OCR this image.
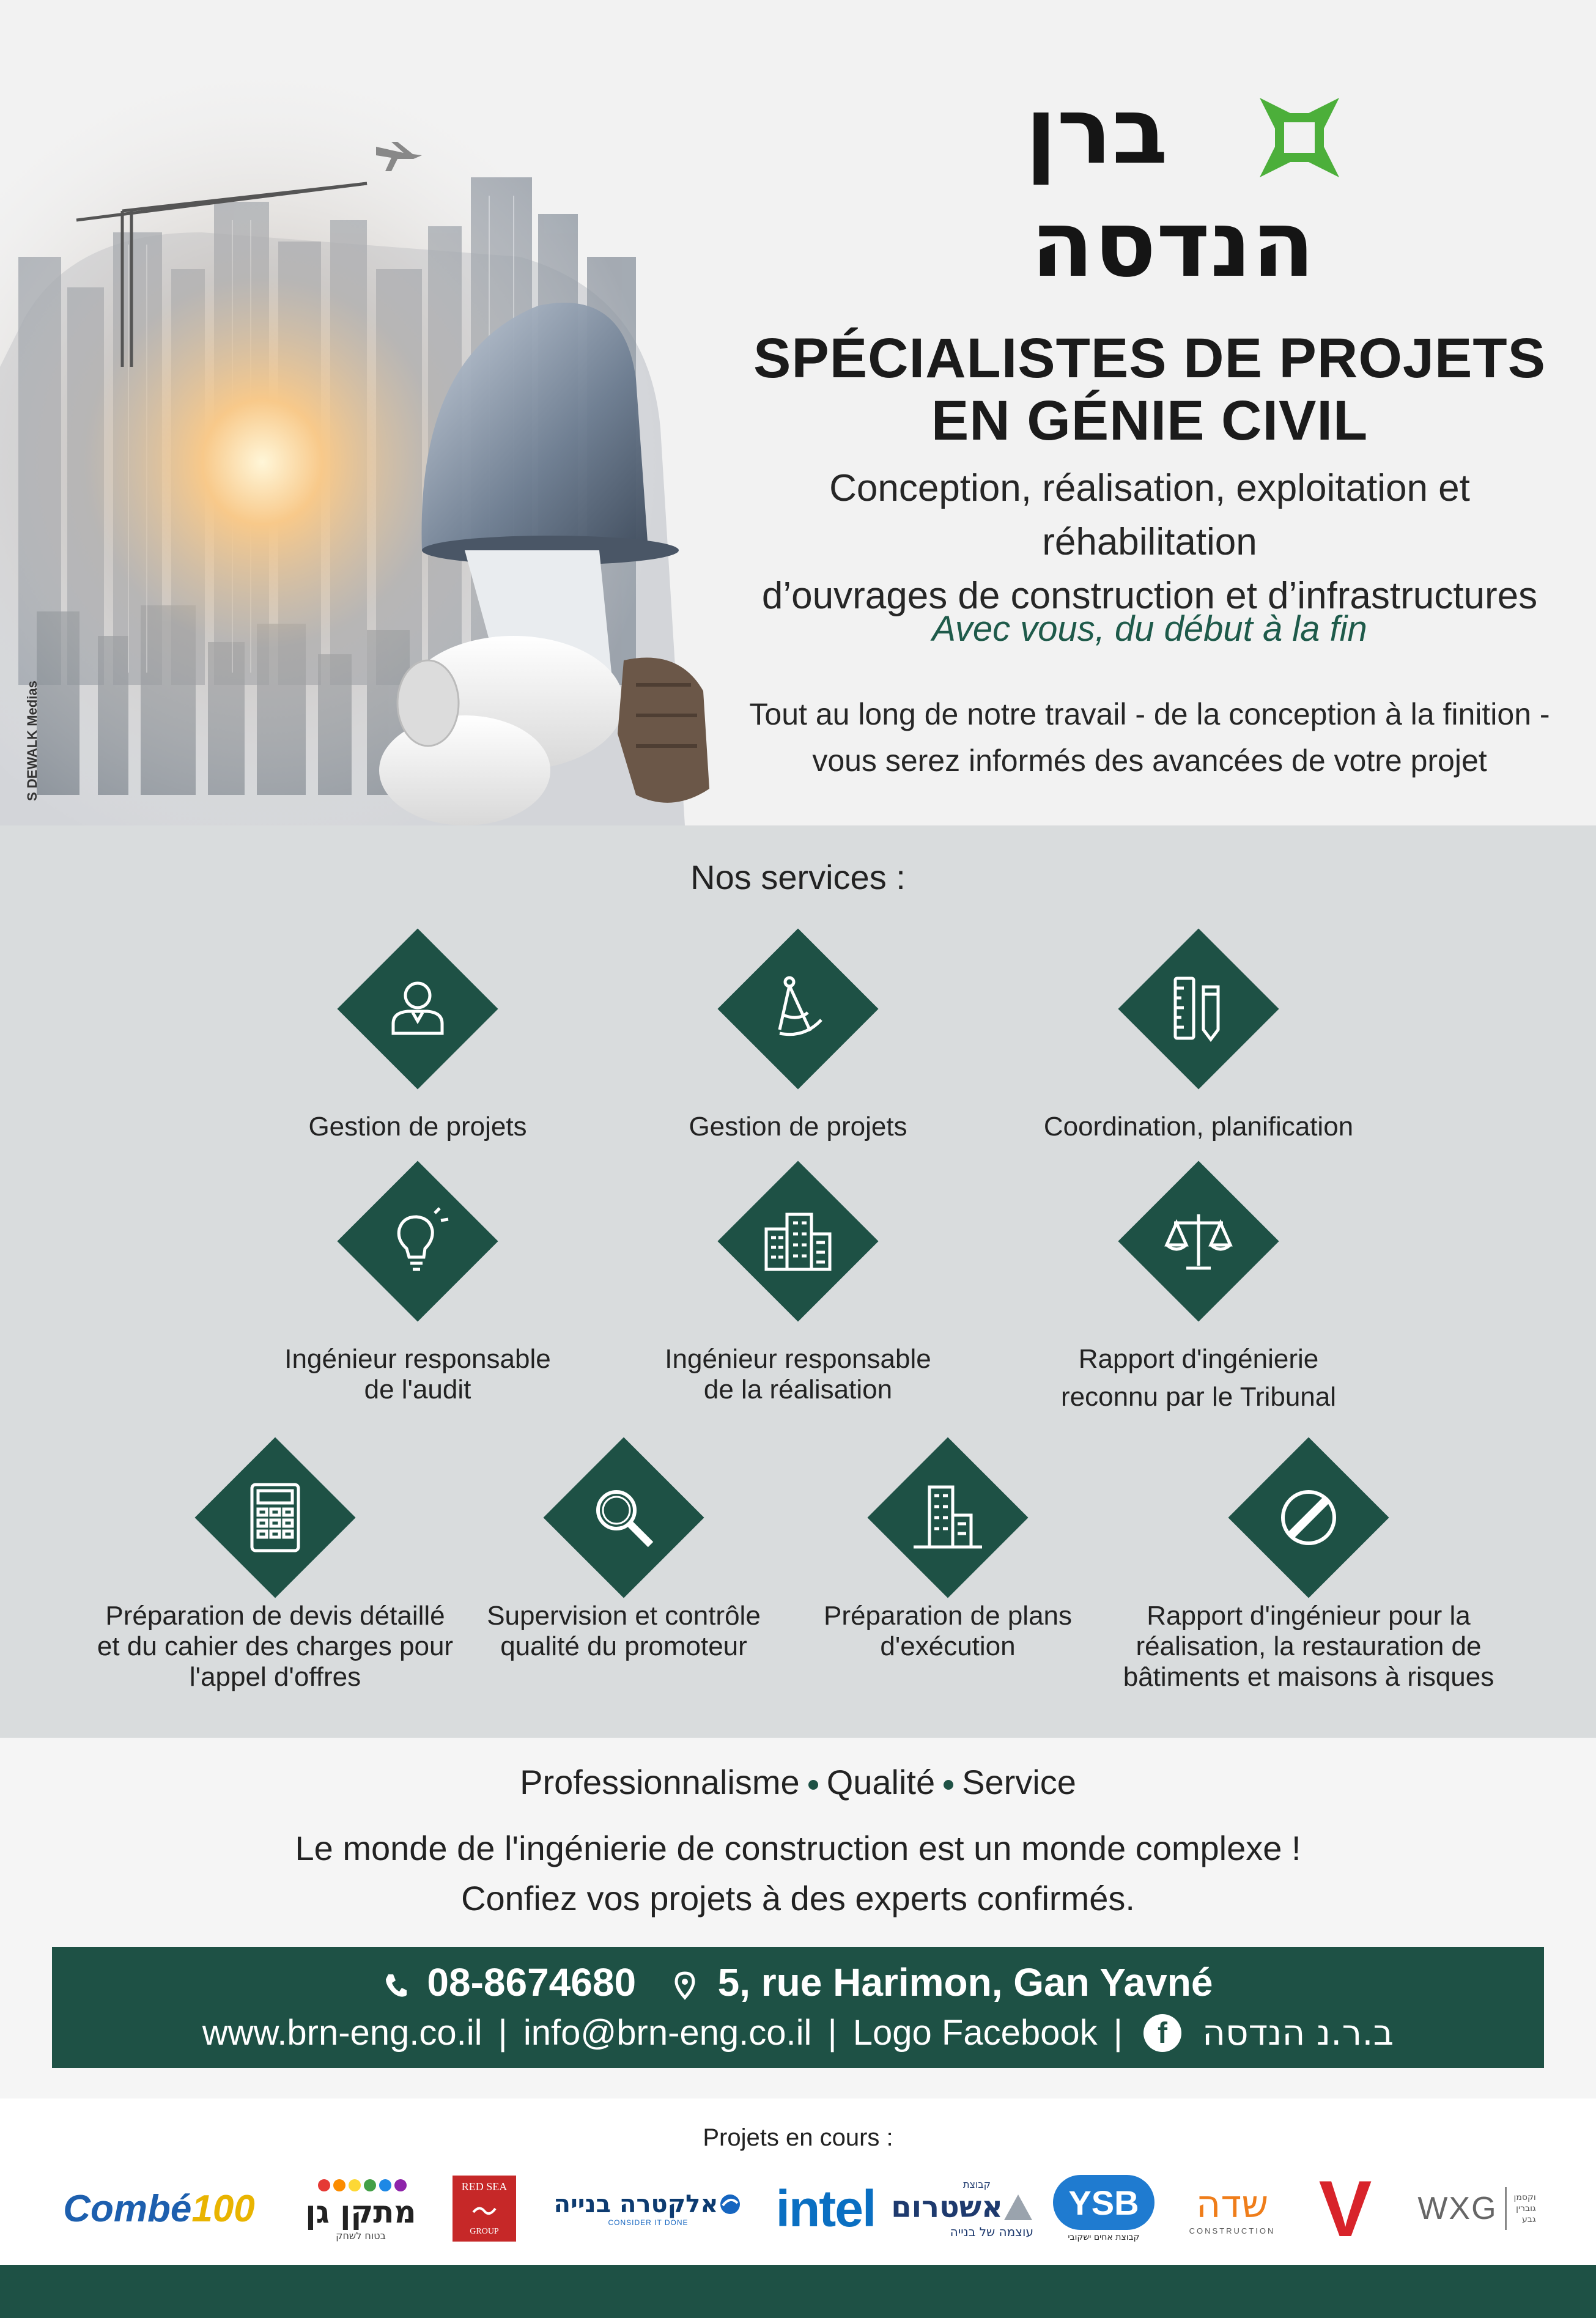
S DEWALK Medias
ברן
הנדסה
SPÉCIALISTES DE PROJETS
EN GÉNIE CIVIL
Conception, réalisation, exploitation et réhabilitation
d’ouvrages de construction et d’infrastructures
Avec vous, du début à la fin
Tout au long de notre travail - de la conception à la finition -
vous serez informés des avancées de votre projet
Nos services :
Gestion de projets	Gestion de projets	Coordination, planification
Ingénieur responsable
de l'audit
Ingénieur responsable
de la réalisation
Rapport d'ingénierie
reconnu par le Tribunal
Préparation de devis détaillé
et du cahier des charges pour
l'appel d'offres
Supervision et contrôle
qualité du promoteur
Préparation de plans
d'exécution
Rapport d'ingénieur pour la
réalisation, la restauration de
bâtiments et maisons à risques
Professionnalisme Qualité Service
Le monde de l'ingénierie de construction est un monde complexe !
Confiez vos projets à des experts confirmés.
08-8674680 5, rue Harimon, Gan Yavné
www.brn-eng.co.il | info@brn-eng.co.il | Logo Facebook | f ב.ר.נ הנדסה
Projets en cours :
Combé 100 מתקן גן
בטוח לשחק
RED SEA
GROUP
אלקטרה בנייה
CONSIDER IT DONE intel	קבוצת
אשטרום
עוצמה של בנייה
YSB
קבוצת אחים ישקובי
שדה
CONSTRUCTION V WXG וקסמן
גוברין
גבע
